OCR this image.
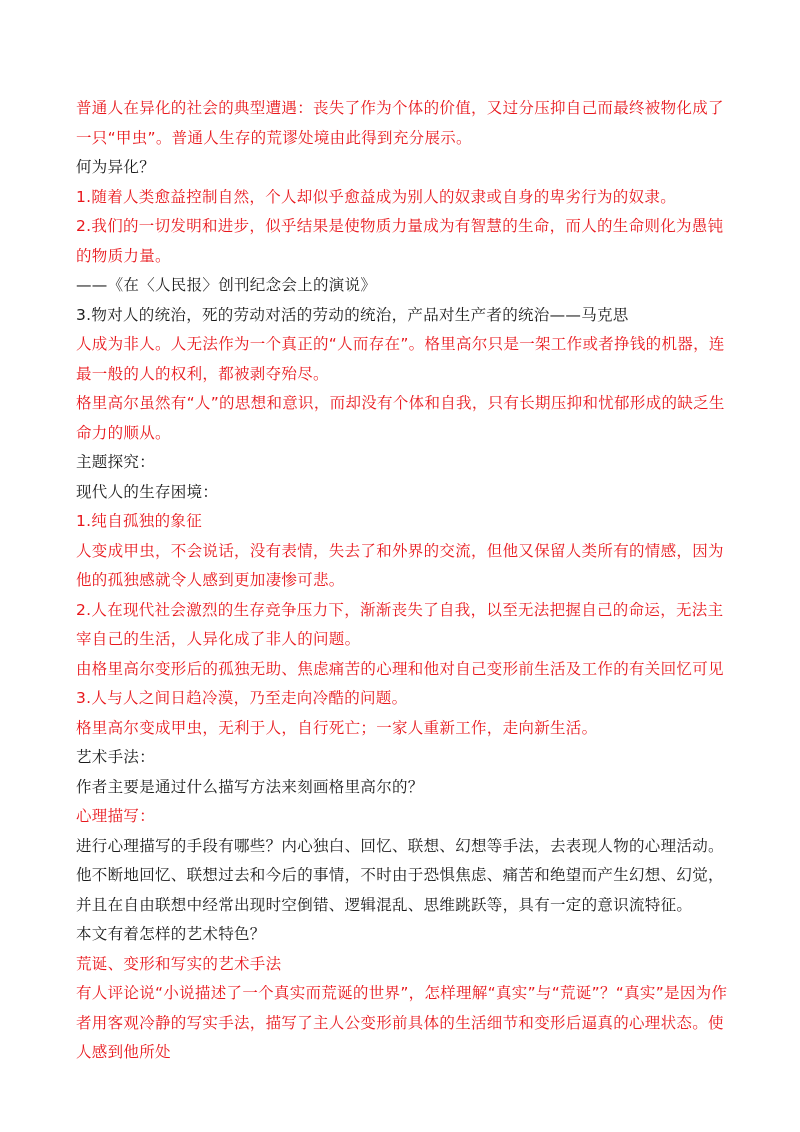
普通人在异化的社会的典型遭遇：丧失了作为个体的价值，又过分压抑自己而最终被物化成了一只“甲虫”。普通人生存的荒谬处境由此得到充分展示。

何为异化？

1.随着人类愈益控制自然，个人却似乎愈益成为别人的奴隶或自身的卑劣行为的奴隶。

2.我们的一切发明和进步，似乎结果是使物质力量成为有智慧的生命，而人的生命则化为愚钝的物质力量。

——《在〈人民报〉创刊纪念会上的演说》

3.物对人的统治，死的劳动对活的劳动的统治，产品对生产者的统治——马克思

人成为非人。人无法作为一个真正的“人而存在”。格里高尔只是一架工作或者挣钱的机器，连最一般的人的权利，都被剥夺殆尽。

格里高尔虽然有“人”的思想和意识，而却没有个体和自我，只有长期压抑和忧郁形成的缺乏生命力的顺从。

主题探究：

现代人的生存困境：

1.纯自孤独的象征

人变成甲虫，不会说话，没有表情，失去了和外界的交流，但他又保留人类所有的情感，因为他的孤独感就令人感到更加凄惨可悲。

2.人在现代社会激烈的生存竞争压力下，渐渐丧失了自我，以至无法把握自己的命运，无法主宰自己的生活，人异化成了非人的问题。

由格里高尔变形后的孤独无助、焦虑痛苦的心理和他对自己变形前生活及工作的有关回忆可见

3.人与人之间日趋冷漠，乃至走向冷酷的问题。

格里高尔变成甲虫，无利于人，自行死亡；一家人重新工作，走向新生活。

艺术手法：

作者主要是通过什么描写方法来刻画格里高尔的？

心理描写：

进行心理描写的手段有哪些？内心独白、回忆、联想、幻想等手法，去表现人物的心理活动。他不断地回忆、联想过去和今后的事情，不时由于恐惧焦虑、痛苦和绝望而产生幻想、幻觉，并且在自由联想中经常出现时空倒错、逻辑混乱、思维跳跃等，具有一定的意识流特征。

本文有着怎样的艺术特色？

荒诞、变形和写实的艺术手法

有人评论说“小说描述了一个真实而荒诞的世界”，怎样理解“真实”与“荒诞”？“真实”是因为作者用客观冷静的写实手法，描写了主人公变形前具体的生活细节和变形后逼真的心理状态。使人感到他所处
